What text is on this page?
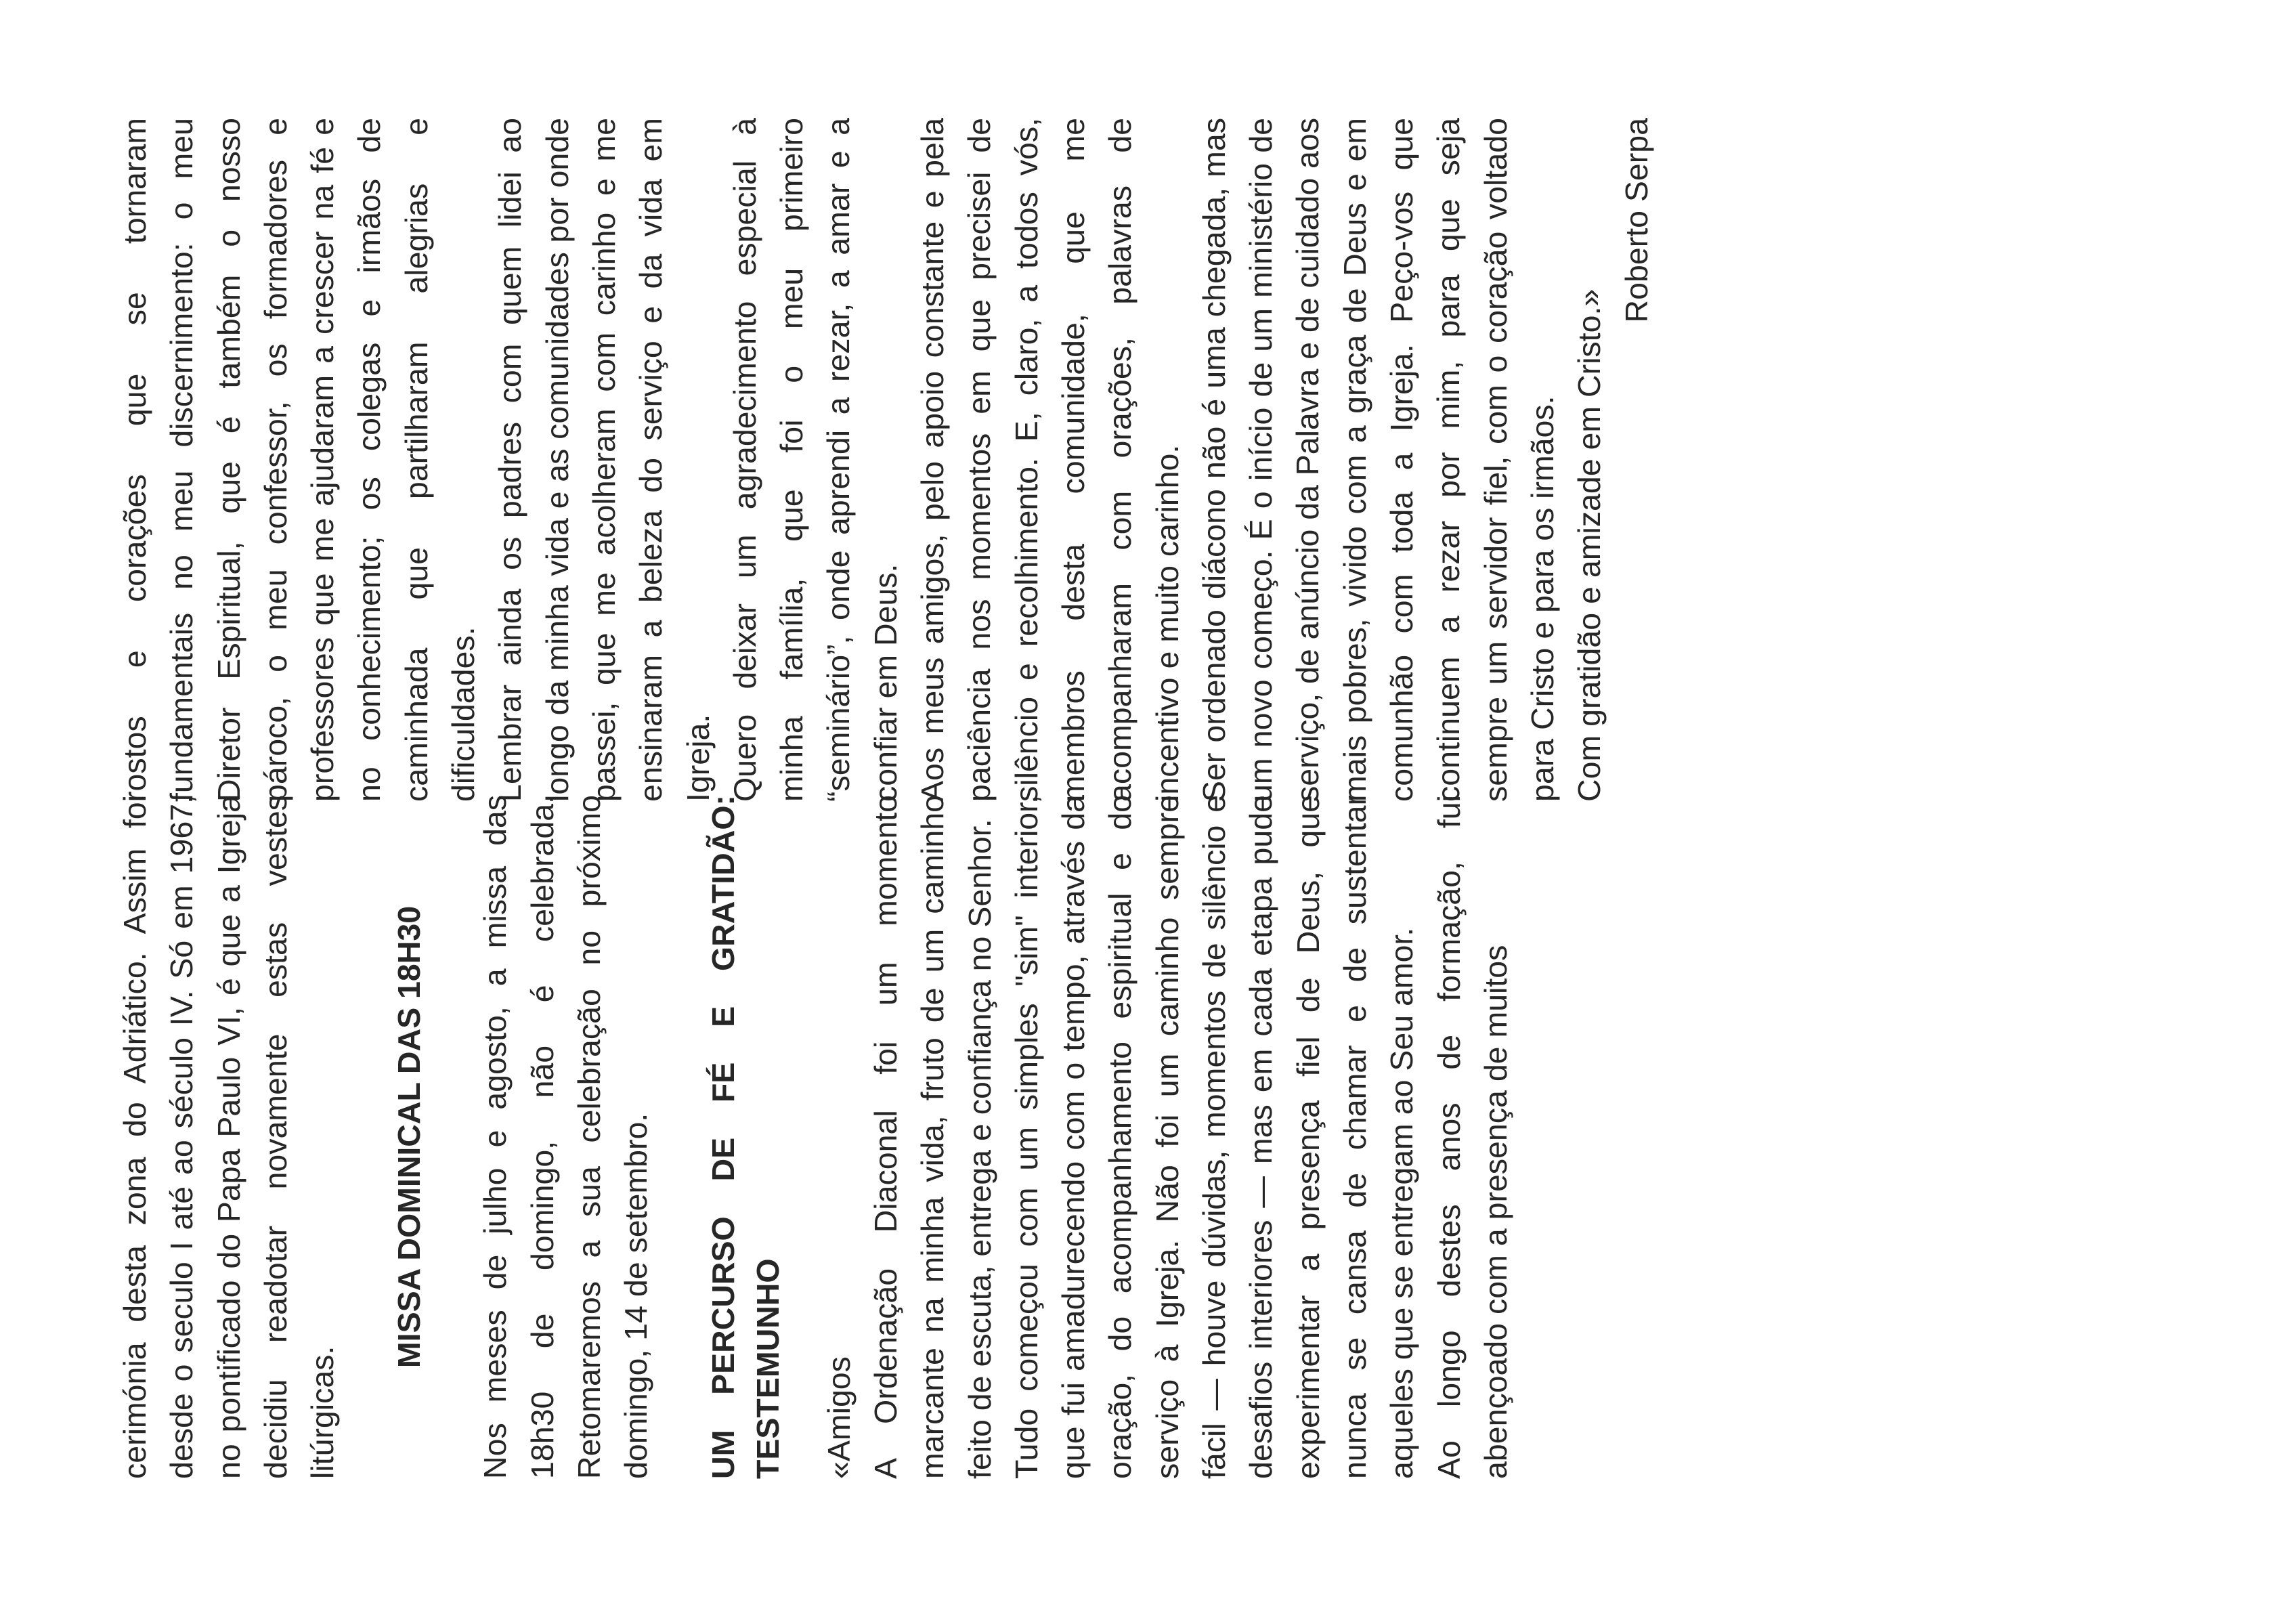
cerimónia desta zona do Adriático. Assim foi desde o seculo I até ao século IV. Só em 1967, no pontificado do Papa Paulo VI, é que a Igreja decidiu readotar novamente estas vestes litúrgicas.

MISSA DOMINICAL DAS 18H30 Nos meses de julho e agosto, a missa das 18h30 de domingo, não é celebrada. Retomaremos a sua celebração no próximo domingo, 14 de setembro. UM PERCURSO DE FÉ E GRATIDÃO: TESTEMUNHO «Amigos A Ordenação Diaconal foi um momento marcante na minha vida, fruto de um caminho feito de escuta, entrega e confiança no Senhor. Tudo começou com um simples "sim" interior, que fui amadurecendo com o tempo, através da oração, do acompanhamento espiritual e do serviço à Igreja. Não foi um caminho sempre fácil — houve dúvidas, momentos de silêncio e desafios interiores — mas em cada etapa pude experimentar a presença fiel de Deus, que nunca se cansa de chamar e de sustentar aqueles que se entregam ao Seu amor. Ao longo destes anos de formação, fui abençoado com a presença de muitos

rostos e corações que se tornaram fundamentais no meu discernimento: o meu Diretor Espiritual, que é também o nosso pároco, o meu confessor, os formadores e professores que me ajudaram a crescer na fé e no conhecimento; os colegas e irmãos de caminhada que partilharam alegrias e dificuldades. Lembrar ainda os padres com quem lidei ao longo da minha vida e as comunidades por onde passei, que me acolheram com carinho e me ensinaram a beleza do serviço e da vida em Igreja. Quero deixar um agradecimento especial à minha família, que foi o meu primeiro “seminário”, onde aprendi a rezar, a amar e a confiar em Deus. Aos meus amigos, pelo apoio constante e pela paciência nos momentos em que precisei de silêncio e recolhimento. E, claro, a todos vós, membros desta comunidade, que me acompanharam com orações, palavras de incentivo e muito carinho. Ser ordenado diácono não é uma chegada, mas um novo começo. É o início de um ministério de serviço, de anúncio da Palavra e de cuidado aos mais pobres, vivido com a graça de Deus e em comunhão com toda a Igreja. Peço-vos que continuem a rezar por mim, para que seja sempre um servidor fiel, com o coração voltado para Cristo e para os irmãos. Com gratidão e amizade em Cristo.»

Roberto Serpa
